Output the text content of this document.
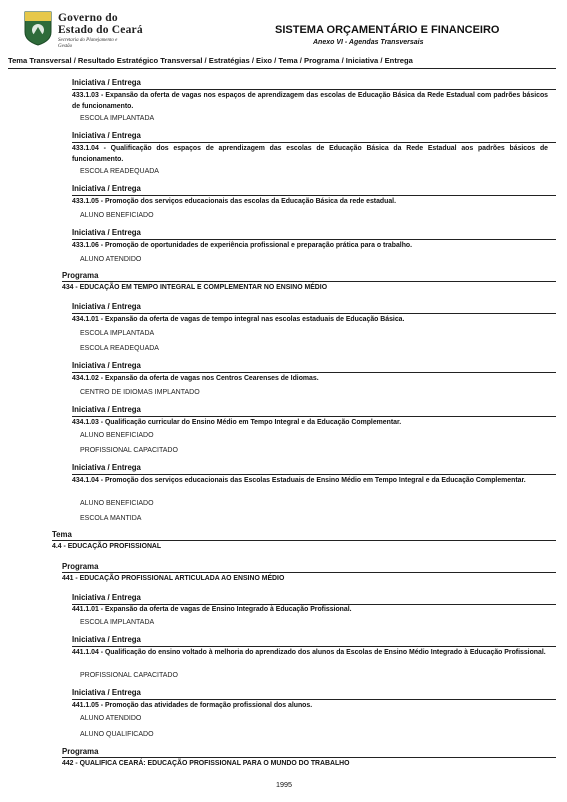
Governo do
Estado do Ceará
Secretaria do Planejamento e Gestão
SISTEMA ORÇAMENTÁRIO E FINANCEIRO
Anexo VI - Agendas Transversais
Tema Transversal / Resultado Estratégico Transversal / Estratégias / Eixo / Tema / Programa / Iniciativa / Entrega
Iniciativa / Entrega
433.1.03 - Expansão da oferta de vagas nos espaços de aprendizagem das escolas de Educação Básica da Rede Estadual com padrões básicos de funcionamento.
ESCOLA IMPLANTADA
Iniciativa / Entrega
433.1.04 - Qualificação dos espaços de aprendizagem das escolas de Educação Básica da Rede Estadual aos padrões básicos de funcionamento.
ESCOLA READEQUADA
Iniciativa / Entrega
433.1.05 - Promoção dos serviços educacionais das escolas da Educação Básica da rede estadual.
ALUNO BENEFICIADO
Iniciativa / Entrega
433.1.06 - Promoção de oportunidades de experiência profissional e preparação prática para o trabalho.
ALUNO ATENDIDO
Programa
434 - EDUCAÇÃO EM TEMPO INTEGRAL E COMPLEMENTAR NO ENSINO MÉDIO
Iniciativa / Entrega
434.1.01 - Expansão da oferta de vagas de tempo integral nas escolas estaduais de Educação Básica.
ESCOLA IMPLANTADA
ESCOLA READEQUADA
Iniciativa / Entrega
434.1.02 - Expansão da oferta de vagas nos Centros Cearenses de Idiomas.
CENTRO DE IDIOMAS IMPLANTADO
Iniciativa / Entrega
434.1.03 - Qualificação curricular do Ensino Médio em Tempo Integral e da Educação Complementar.
ALUNO BENEFICIADO
PROFISSIONAL CAPACITADO
Iniciativa / Entrega
434.1.04 - Promoção dos serviços educacionais das Escolas Estaduais de Ensino Médio em Tempo Integral e da Educação Complementar.
ALUNO BENEFICIADO
ESCOLA MANTIDA
Tema
4.4 - EDUCAÇÃO PROFISSIONAL
Programa
441 - EDUCAÇÃO PROFISSIONAL ARTICULADA AO ENSINO MÉDIO
Iniciativa / Entrega
441.1.01 - Expansão da oferta de vagas de Ensino Integrado à Educação Profissional.
ESCOLA IMPLANTADA
Iniciativa / Entrega
441.1.04 - Qualificação do ensino voltado à melhoria do aprendizado dos alunos da Escolas de Ensino Médio Integrado à Educação Profissional.
PROFISSIONAL CAPACITADO
Iniciativa / Entrega
441.1.05 - Promoção das atividades de formação profissional dos alunos.
ALUNO ATENDIDO
ALUNO QUALIFICADO
Programa
442 - QUALIFICA CEARÁ: EDUCAÇÃO PROFISSIONAL PARA O MUNDO DO TRABALHO
1995
